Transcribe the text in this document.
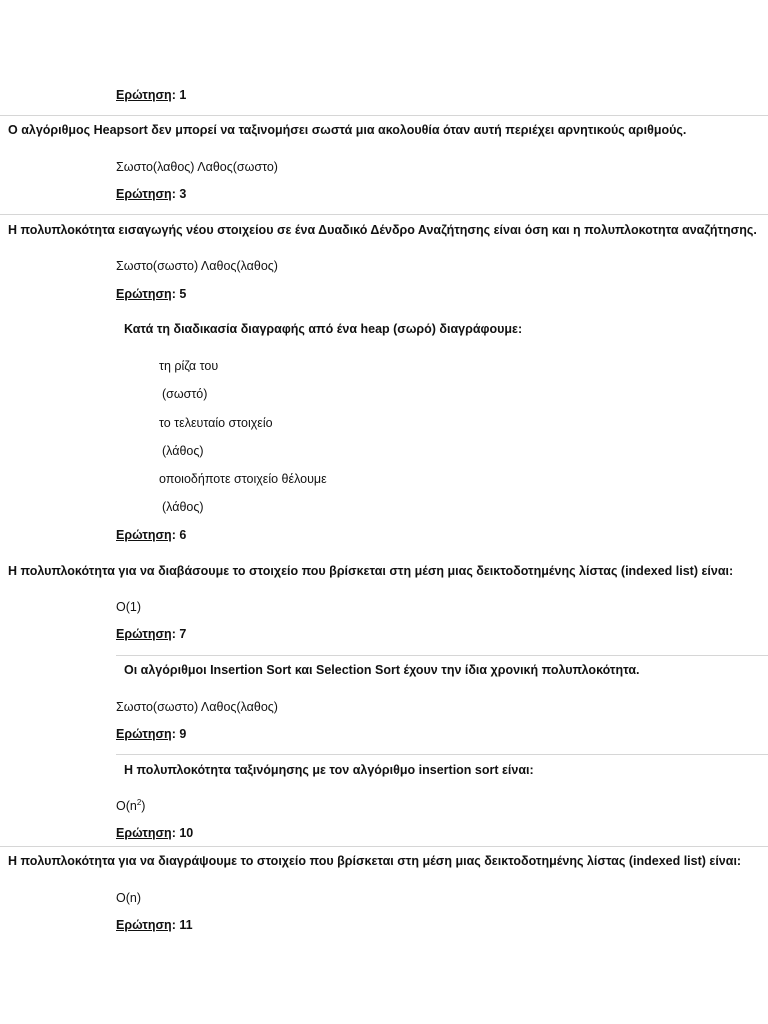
Ερώτηση: 1
Ο αλγόριθμος Heapsort δεν μπορεί να ταξινομήσει σωστά μια ακολουθία όταν αυτή περιέχει αρνητικούς αριθμούς.
Σωστο(λαθος) Λαθος(σωστο)
Ερώτηση: 3
Η πολυπλοκότητα εισαγωγής νέου στοιχείου σε ένα Δυαδικό Δένδρο Αναζήτησης είναι όση και η πολυπλοκοτητα αναζήτησης.
Σωστο(σωστο) Λαθος(λαθος)
Ερώτηση: 5
Κατά τη διαδικασία διαγραφής από ένα heap (σωρό) διαγράφουμε:
τη ρίζα του
(σωστό)
το τελευταίο στοιχείο
(λάθος)
οποιοδήποτε στοιχείο θέλουμε
(λάθος)
Ερώτηση: 6
Η πολυπλοκότητα για να διαβάσουμε το στοιχείο που βρίσκεται στη μέση μιας δεικτοδοτημένης λίστας (indexed list) είναι:
O(1)
Ερώτηση: 7
Οι αλγόριθμοι Insertion Sort και Selection Sort έχουν την ίδια χρονική πολυπλοκότητα.
Σωστο(σωστο) Λαθος(λαθος)
Ερώτηση: 9
Η πολυπλοκότητα ταξινόμησης με τον αλγόριθμο insertion sort είναι:
$O(n^2)$
Ερώτηση: 10
Η πολυπλοκότητα για να διαγράψουμε το στοιχείο που βρίσκεται στη μέση μιας δεικτοδοτημένης λίστας (indexed list) είναι:
O(n)
Ερώτηση: 11
